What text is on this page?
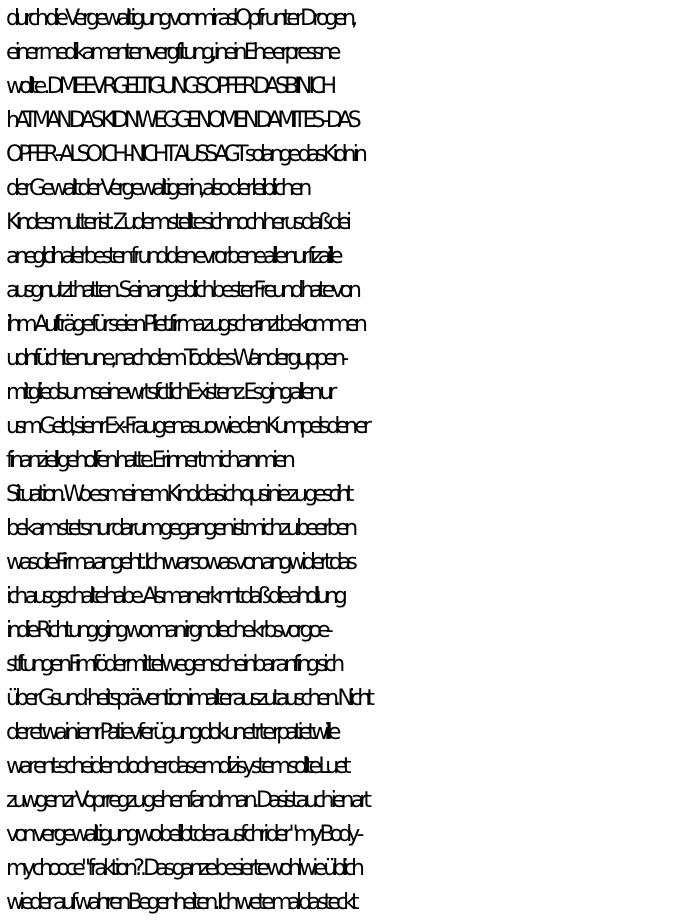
durch die Vergewaltigung vonmir asl Opfr unter Drogen,
einer medikamentenvergfitung, inein Ehe erpressne
wollte . DME EVRGELTIGUNGSOPFER DASBIN ICH
hATMAN DAS KIDN WEGGENOMEN DAMIT ES - DAS
OPFER - ALSO  ICH - NICHT AUSSAGT solange das Kidn in
der Gewalt der Vergewaltigerin, also der leiblichen
Kindesmutter ist.  Zudem stellte sich noch herus daß dei
aneglcih alerbesten frund den evrorbene alle nur fizaille
ausgnutzt hatten. Sein angeblich bester Freund hate von
ihm Aufträge für seien Pliet.firma zugschanzt bekommen
udnfüchte nune, nach dem Tod des Wanderguppen-
mitglieds um seine wrtsfctlich Existenz. Es ging allen ur
usm Geld, sienr Ex-Frau genasuo wie den Kumpels den er
finanziell geholfen hatte. Erinnert mich an mien
Situation. Wo es meinem Kind das ich qusi nie zu gesciht
bekam stets nur darum gegangen ist mich zu beerben
was die Firma angeht. Ich war sowas von angwidert das
ich ausgschalte habe. Als man erknnt daß die ahdlung
indie Richtung ging wo man irgndleche krbsvorgoe-
stftungen Fimfödermittel wegen scheinbar anfing sich
über Gsund-heitsprävention imalter auszutauschen. Nicht
der etwa in ienr Patievferügung dokunetrte rpatietwille
war ent-scheidend odner das emdizisystem sollte Luet
zuwgen zr Voprregzu gehen fand man. Dasist auch ien art
von vergewaltigung wo belibt der ausfchri der "my Body -
my chooce" fraktion?. Das ganze besierte wohl wie üblich
wieder  auf wahren Begenheiten. Ich wete mal da steckt
